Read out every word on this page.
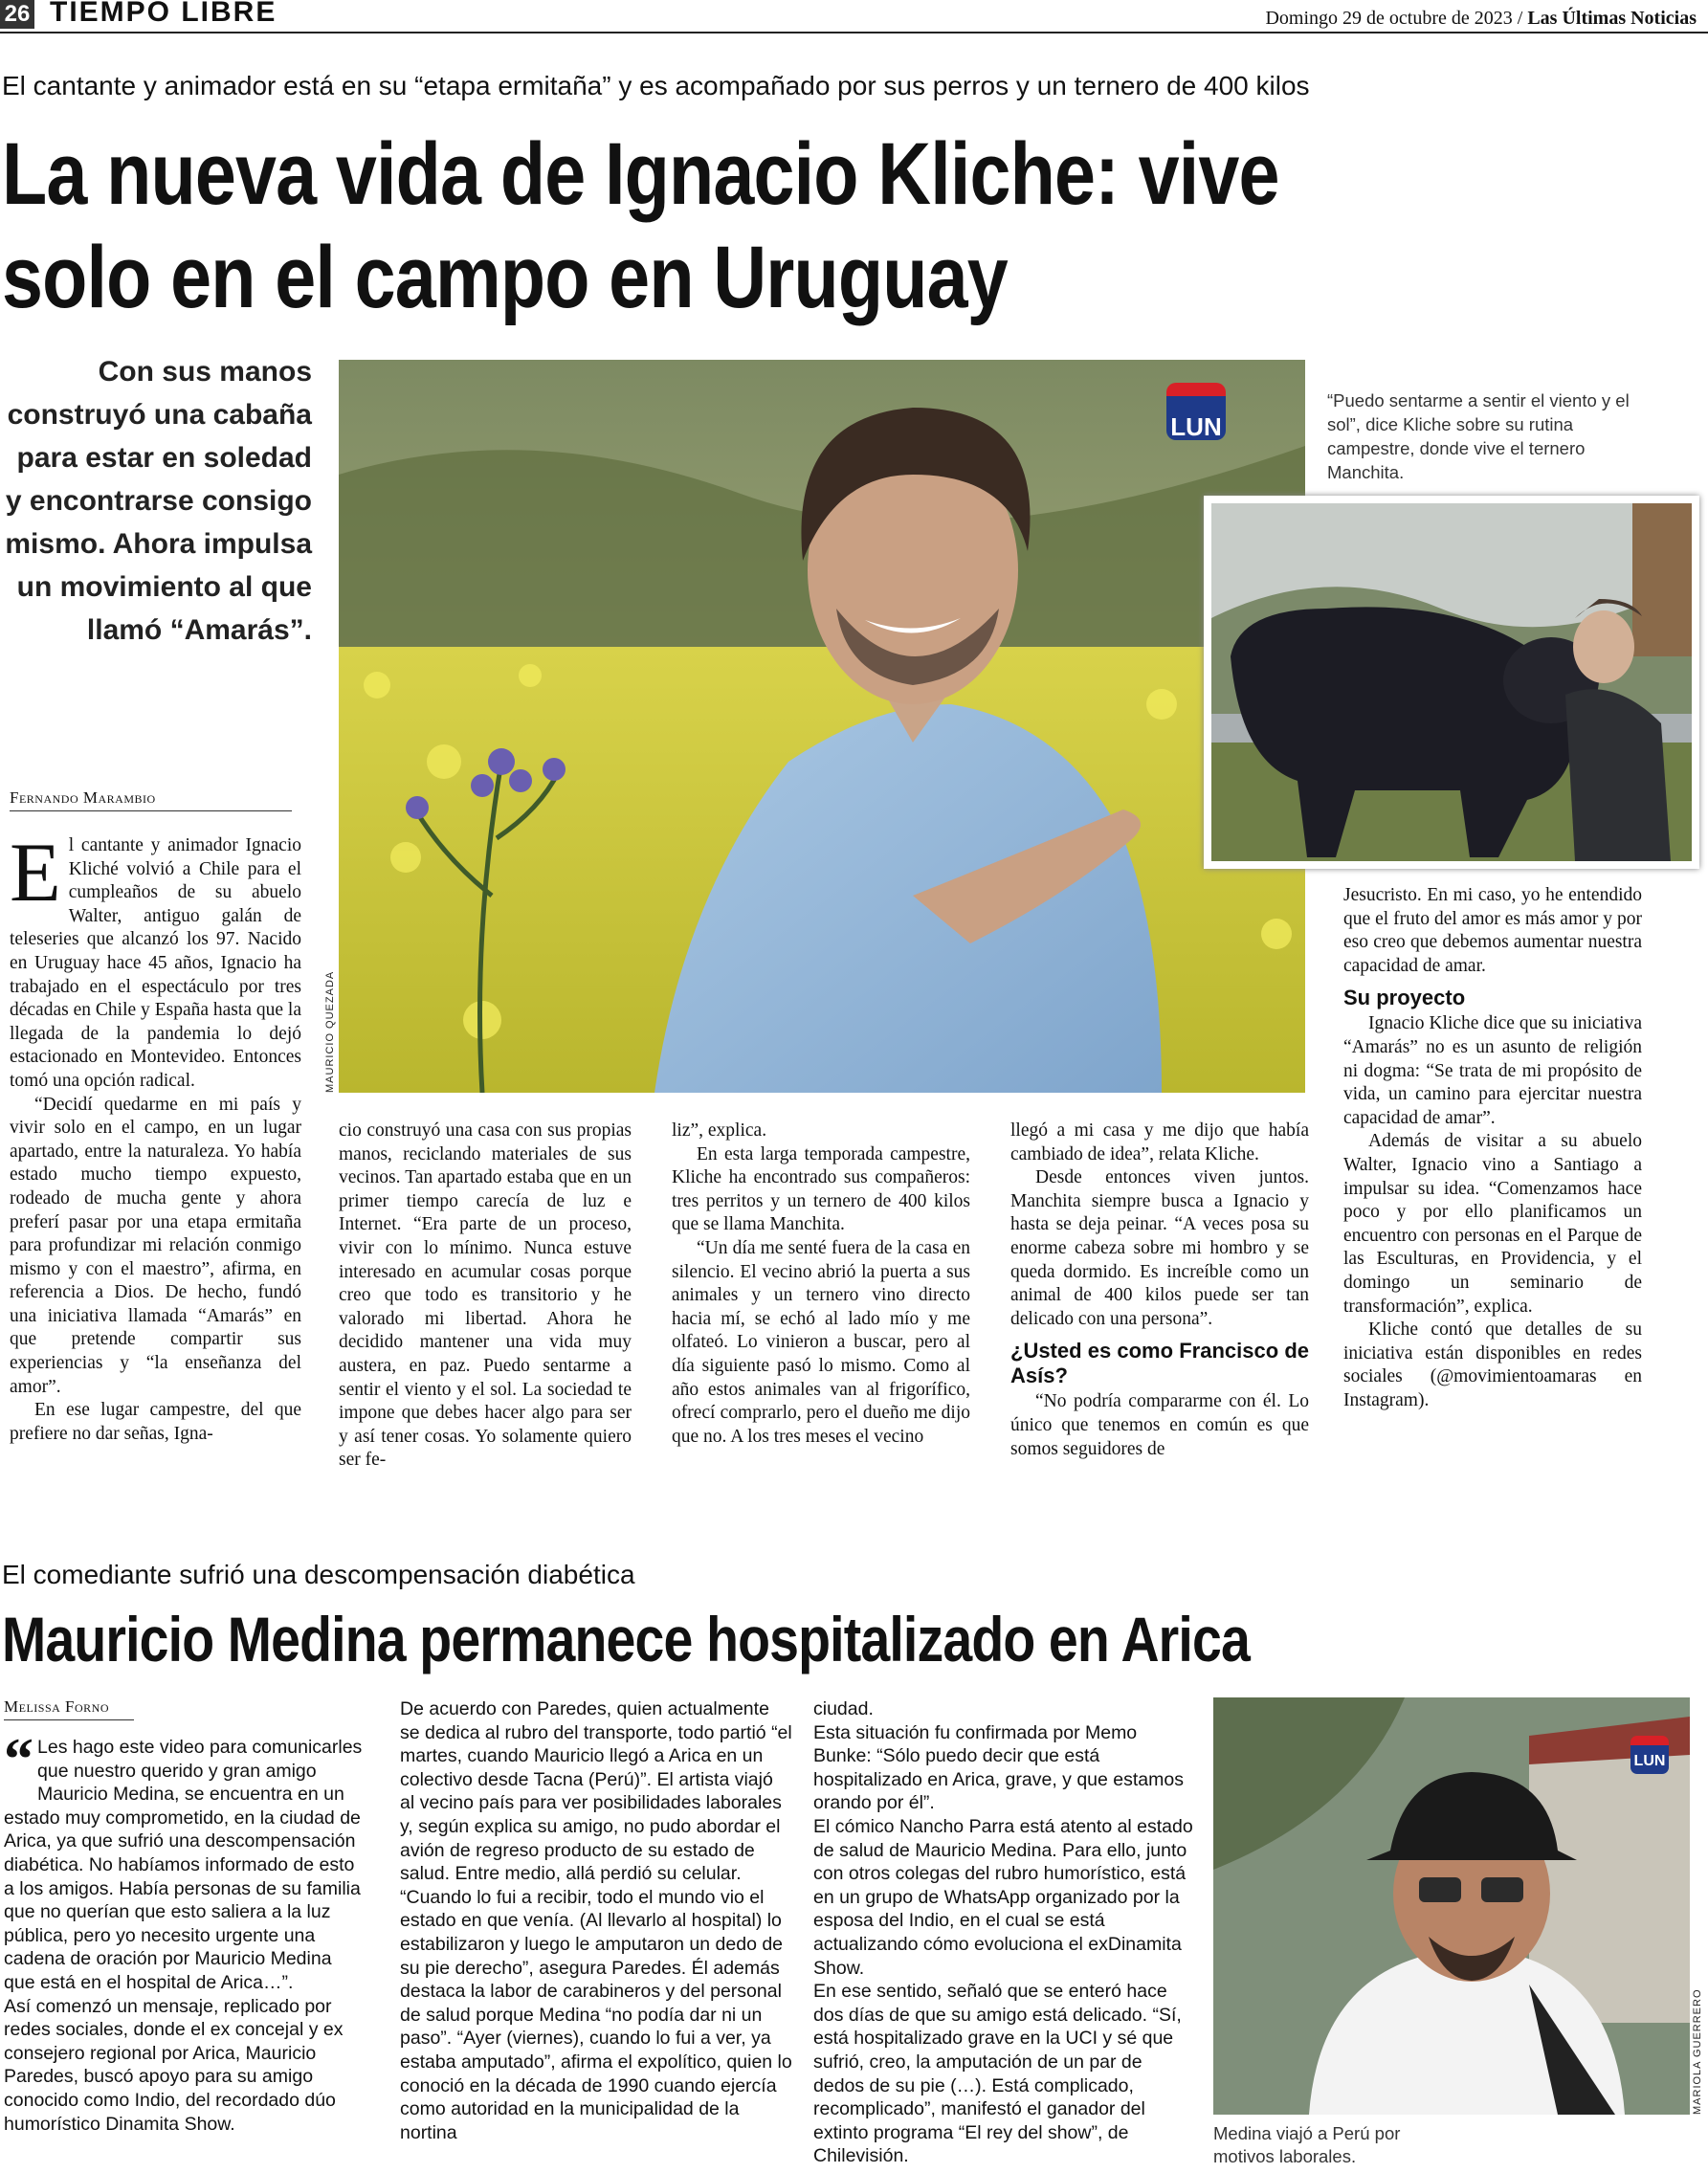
26 TIEMPO LIBRE	Domingo 29 de octubre de 2023 / Las Últimas Noticias
El cantante y animador está en su “etapa ermitaña” y es acompañado por sus perros y un ternero de 400 kilos
La nueva vida de Ignacio Kliche: vive
solo en el campo en Uruguay
Con sus manos construyó una cabaña para estar en soledad y encontrarse consigo mismo. Ahora impulsa un movimiento al que llamó “Amarás”.
Fernando Marambio
LUN
MAURICIO QUEZADA
“Puedo sentarme a sentir el viento y el sol”, dice Kliche sobre su rutina campestre, donde vive el ternero Manchita.
E l cantante y animador Ignacio Kliché volvió a Chile para el cumpleaños de su abuelo Walter, antiguo galán de teleseries que alcanzó los 97. Nacido en Uruguay hace 45 años, Ignacio ha trabajado en el espectáculo por tres décadas en Chile y España hasta que la llegada de la pandemia lo dejó estacionado en Montevideo. Entonces tomó una opción radical.

“Decidí quedarme en mi país y vivir solo en el campo, en un lugar apartado, entre la naturaleza. Yo había estado mucho tiempo expuesto, rodeado de mucha gente y ahora preferí pasar por una etapa ermitaña para profundizar mi relación conmigo mismo y con el maestro”, afirma, en referencia a Dios. De hecho, fundó una iniciativa llamada “Amarás” en que pretende compartir sus experiencias y “la enseñanza del amor”.

En ese lugar campestre, del que prefiere no dar señas, Igna-

cio construyó una casa con sus propias manos, reciclando materiales de sus vecinos. Tan apartado estaba que en un primer tiempo carecía de luz e Internet. “Era parte de un proceso, vivir con lo mínimo. Nunca estuve interesado en acumular cosas porque creo que todo es transitorio y he valorado mi libertad. Ahora he decidido mantener una vida muy austera, en paz. Puedo sentarme a sentir el viento y el sol. La sociedad te impone que debes hacer algo para ser y así tener cosas. Yo solamente quiero ser fe-

liz”, explica.

En esta larga temporada campestre, Kliche ha encontrado sus compañeros: tres perritos y un ternero de 400 kilos que se llama Manchita.

“Un día me senté fuera de la casa en silencio. El vecino abrió la puerta a sus animales y un ternero vino directo hacia mí, se echó al lado mío y me olfateó. Lo vinieron a buscar, pero al día siguiente pasó lo mismo. Como al año estos animales van al frigorífico, ofrecí comprarlo, pero el dueño me dijo que no. A los tres meses el vecino

llegó a mi casa y me dijo que había cambiado de idea”, relata Kliche.

Desde entonces viven juntos. Manchita siempre busca a Ignacio y hasta se deja peinar. “A veces posa su enorme cabeza sobre mi hombro y se queda dormido. Es increíble como un animal de 400 kilos puede ser tan delicado con una persona”.

¿Usted es como Francisco de Asís?

“No podría compararme con él. Lo único que tenemos en común es que somos seguidores de

Jesucristo. En mi caso, yo he entendido que el fruto del amor es más amor y por eso creo que debemos aumentar nuestra capacidad de amar.

Su proyecto

Ignacio Kliche dice que su iniciativa “Amarás” no es un asunto de religión ni dogma: “Se trata de mi propósito de vida, un camino para ejercitar nuestra capacidad de amar”.

Además de visitar a su abuelo Walter, Ignacio vino a Santiago a impulsar su idea. “Comenzamos hace poco y por ello planificamos un encuentro con personas en el Parque de las Esculturas, en Providencia, y el domingo un seminario de transformación”, explica.

Kliche contó que detalles de su iniciativa están disponibles en redes sociales (@movimientoamaras en Instagram).

El comediante sufrió una descompensación diabética
Mauricio Medina permanece hospitalizado en Arica
Melissa Forno
“ Les hago este video para comunicarles que nuestro querido y gran amigo Mauricio Medina, se encuentra en un estado muy comprometido, en la ciudad de Arica, ya que sufrió una descompensación diabética. No habíamos informado de esto a los amigos. Había personas de su familia que no querían que esto saliera a la luz pública, pero yo necesito urgente una cadena de oración por Mauricio Medina que está en el hospital de Arica…”.

Así comenzó un mensaje, replicado por redes sociales, donde el ex concejal y ex consejero regional por Arica, Mauricio Paredes, buscó apoyo para su amigo conocido como Indio, del recordado dúo humorístico Dinamita Show.

De acuerdo con Paredes, quien actualmente se dedica al rubro del transporte, todo partió “el martes, cuando Mauricio llegó a Arica en un colectivo desde Tacna (Perú)”. El artista viajó al vecino país para ver posibilidades laborales y, según explica su amigo, no pudo abordar el avión de regreso producto de su estado de salud. Entre medio, allá perdió su celular.

“Cuando lo fui a recibir, todo el mundo vio el estado en que venía. (Al llevarlo al hospital) lo estabilizaron y luego le amputaron un dedo de su pie derecho”, asegura Paredes. Él además destaca la labor de carabineros y del personal de salud porque Medina “no podía dar ni un paso”. “Ayer (viernes), cuando lo fui a ver, ya estaba amputado”, afirma el expolítico, quien lo conoció en la década de 1990 cuando ejercía como autoridad en la municipalidad de la nortina

ciudad.

Esta situación fu confirmada por Memo Bunke: “Sólo puedo decir que está hospitalizado en Arica, grave, y que estamos orando por él”.

El cómico Nancho Parra está atento al estado de salud de Mauricio Medina. Para ello, junto con otros colegas del rubro humorístico, está en un grupo de WhatsApp organizado por la esposa del Indio, en el cual se está actualizando cómo evoluciona el exDinamita Show.

En ese sentido, señaló que se enteró hace dos días de que su amigo está delicado. “Sí, está hospitalizado grave en la UCI y sé que sufrió, creo, la amputación de un par de dedos de su pie (…). Está complicado, recomplicado”, manifestó el ganador del extinto programa “El rey del show”, de Chilevisión.

LUN
MARIOLA GUERRERO
Medina viajó a Perú por motivos laborales.
